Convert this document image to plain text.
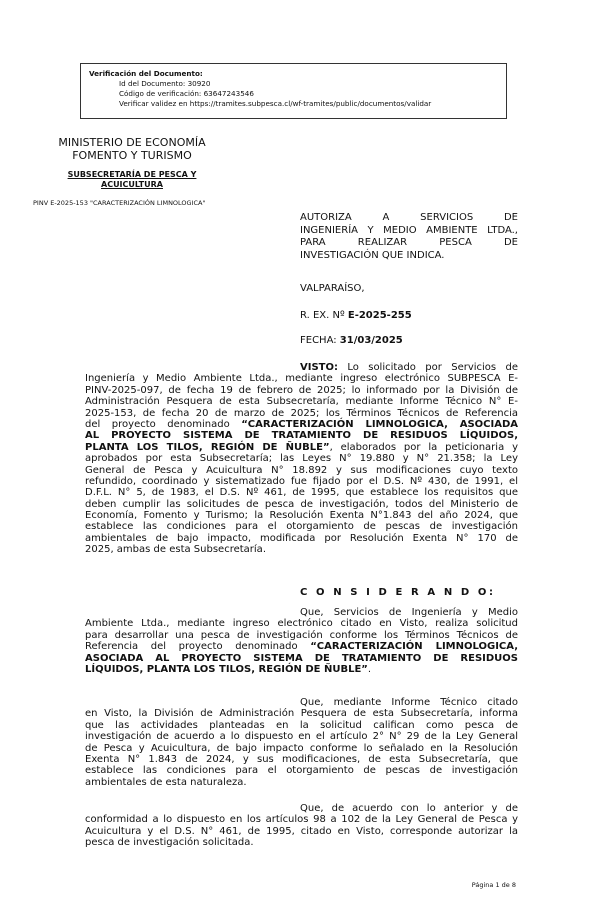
Verificación del Documento:
• Id del Documento: 30920
• Código de verificación: 63647243546
• Verificar validez en https://tramites.subpesca.cl/wf-tramites/public/documentos/validar
MINISTERIO DE ECONOMÍA
FOMENTO Y TURISMO
SUBSECRETARÍA DE PESCA Y
ACUICULTURA
PINV E-2025-153 "CARACTERIZACIÓN LIMNOLOGICA"
AUTORIZA A SERVICIOS DE
INGENIERÍA Y MEDIO AMBIENTE LTDA.,
PARA REALIZAR PESCA DE
INVESTIGACIÓN QUE INDICA.
VALPARAÍSO,
R. EX. Nº E-2025-255
FECHA: 31/03/2025
VISTO: Lo solicitado por Servicios de
Ingeniería y Medio Ambiente Ltda., mediante ingreso electrónico SUBPESCA E-
PINV-2025-097, de fecha 19 de febrero de 2025; lo informado por la División de
Administración Pesquera de esta Subsecretaría, mediante Informe Técnico N° E-
2025-153, de fecha 20 de marzo de 2025; los Términos Técnicos de Referencia
del proyecto denominado “CARACTERIZACIÓN LIMNOLOGICA, ASOCIADA
AL PROYECTO SISTEMA DE TRATAMIENTO DE RESIDUOS LÍQUIDOS,
PLANTA LOS TILOS, REGIÓN DE ÑUBLE”, elaborados por la peticionaria y
aprobados por esta Subsecretaría; las Leyes N° 19.880 y N° 21.358; la Ley
General de Pesca y Acuicultura N° 18.892 y sus modificaciones cuyo texto
refundido, coordinado y sistematizado fue fijado por el D.S. Nº 430, de 1991, el
D.F.L. N° 5, de 1983, el D.S. Nº 461, de 1995, que establece los requisitos que
deben cumplir las solicitudes de pesca de investigación, todos del Ministerio de
Economía, Fomento y Turismo; la Resolución Exenta N°1.843 del año 2024, que
establece las condiciones para el otorgamiento de pescas de investigación
ambientales de bajo impacto, modificada por Resolución Exenta N° 170 de
2025, ambas de esta Subsecretaría.
C O N S I D E R A N D O:
Que, Servicios de Ingeniería y Medio
Ambiente Ltda., mediante ingreso electrónico citado en Visto, realiza solicitud
para desarrollar una pesca de investigación conforme los Términos Técnicos de
Referencia del proyecto denominado “CARACTERIZACIÓN LIMNOLOGICA,
ASOCIADA AL PROYECTO SISTEMA DE TRATAMIENTO DE RESIDUOS
LÍQUIDOS, PLANTA LOS TILOS, REGIÓN DE ÑUBLE”.
Que, mediante Informe Técnico citado
en Visto, la División de Administración Pesquera de esta Subsecretaría, informa
que las actividades planteadas en la solicitud califican como pesca de
investigación de acuerdo a lo dispuesto en el artículo 2° N° 29 de la Ley General
de Pesca y Acuicultura, de bajo impacto conforme lo señalado en la Resolución
Exenta N° 1.843 de 2024, y sus modificaciones, de esta Subsecretaría, que
establece las condiciones para el otorgamiento de pescas de investigación
ambientales de esta naturaleza.
Que, de acuerdo con lo anterior y de
conformidad a lo dispuesto en los artículos 98 a 102 de la Ley General de Pesca y
Acuicultura y el D.S. N° 461, de 1995, citado en Visto, corresponde autorizar la
pesca de investigación solicitada.
Página 1 de 8
